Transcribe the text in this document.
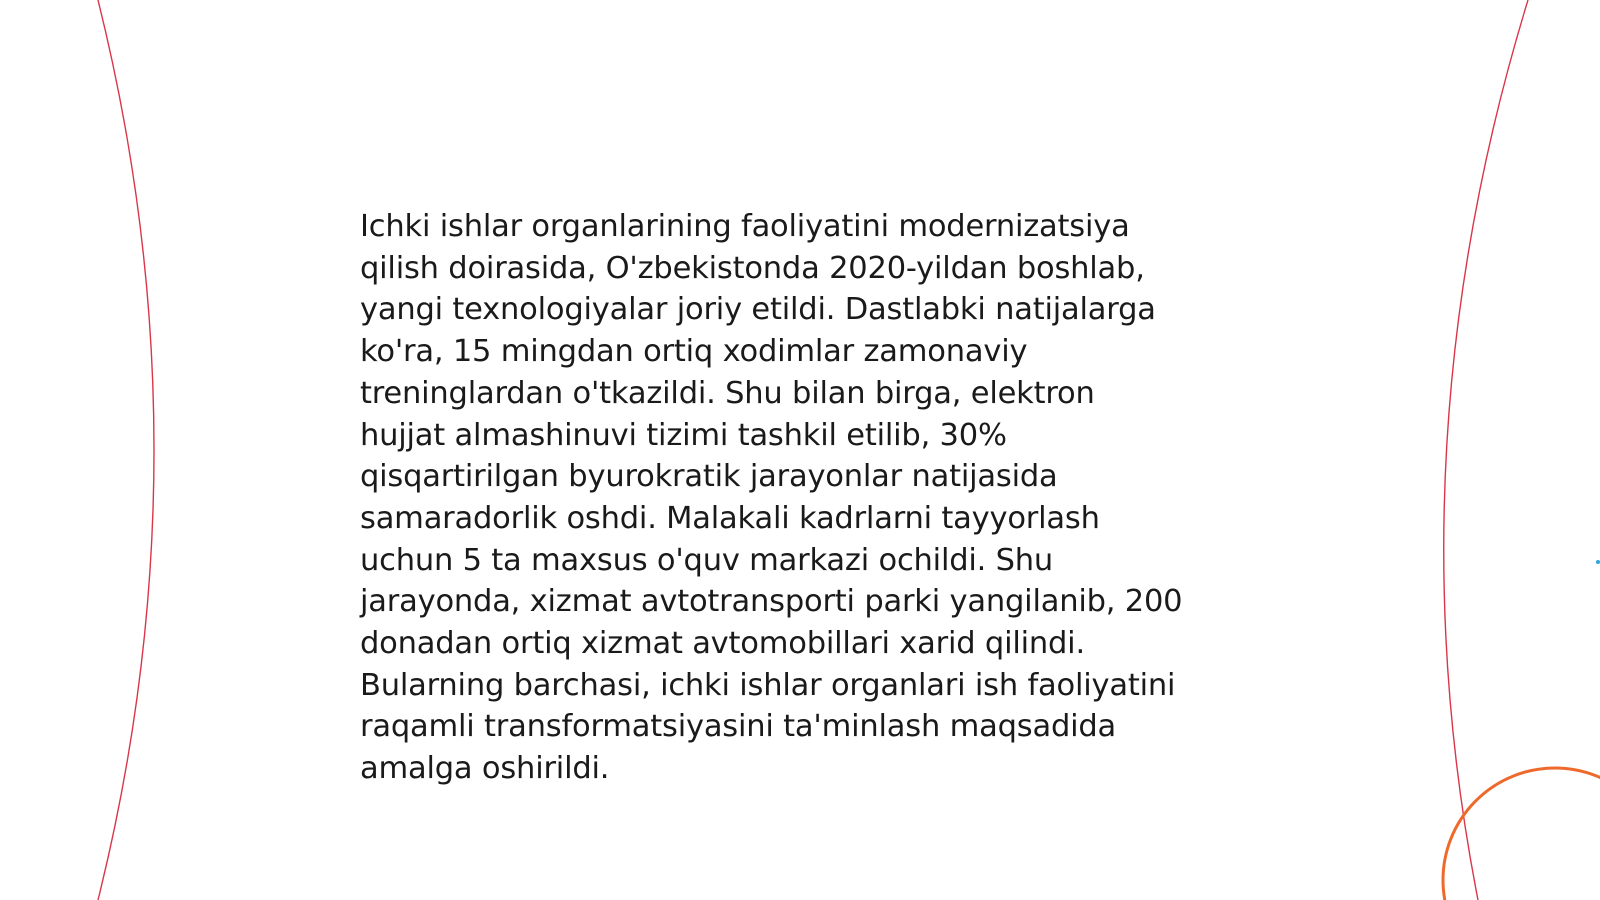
Ichki ishlar organlarining faoliyatini modernizatsiya
qilish doirasida, O'zbekistonda 2020-yildan boshlab,
yangi texnologiyalar joriy etildi. Dastlabki natijalarga
ko'ra, 15 mingdan ortiq xodimlar zamonaviy
treninglardan o'tkazildi. Shu bilan birga, elektron
hujjat almashinuvi tizimi tashkil etilib, 30%
qisqartirilgan byurokratik jarayonlar natijasida
samaradorlik oshdi. Malakali kadrlarni tayyorlash
uchun 5 ta maxsus o'quv markazi ochildi. Shu
jarayonda, xizmat avtotransporti parki yangilanib, 200
donadan ortiq xizmat avtomobillari xarid qilindi.
Bularning barchasi, ichki ishlar organlari ish faoliyatini
raqamli transformatsiyasini ta'minlash maqsadida
amalga oshirildi.
